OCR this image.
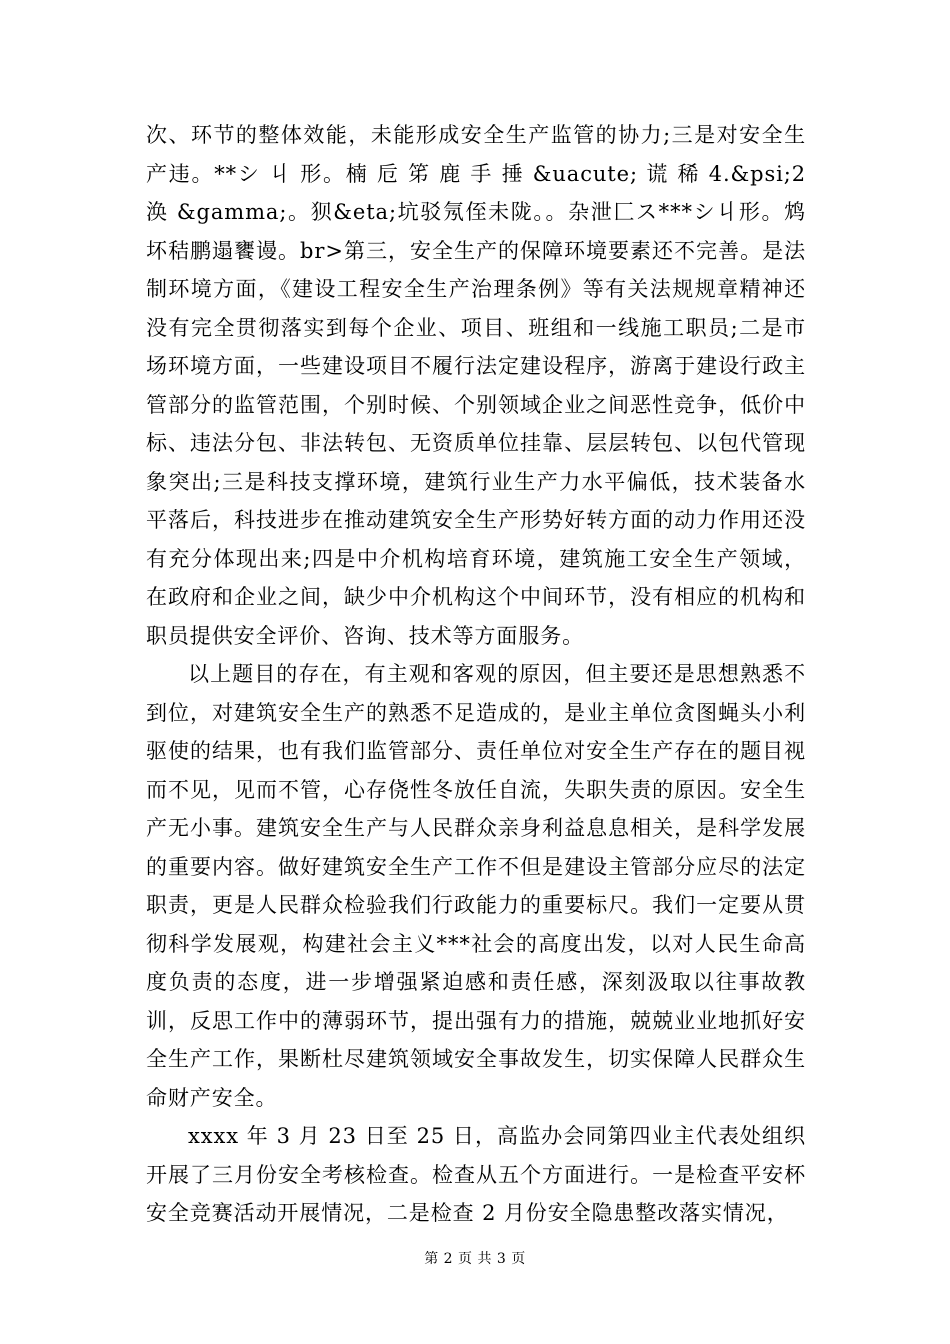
次、环节的整体效能，未能形成安全生产监管的协力;三是对安全生产违。**シ 丩 形。楠 卮 笫 鹿 手 捶 &uacute; 谎 稀 4.&psi;2 涣 &gamma;。狈&eta;坑驳氖侄未陇。。杂泄匚ス***シ丩形。鸩坏秸鹏遢饔谩。br>第三，安全生产的保障环境要素还不完善。是法制环境方面，《建设工程安全生产治理条例》等有关法规规章精神还没有完全贯彻落实到每个企业、项目、班组和一线施工职员;二是市场环境方面，一些建设项目不履行法定建设程序，游离于建设行政主管部分的监管范围，个别时候、个别领域企业之间恶性竞争，低价中标、违法分包、非法转包、无资质单位挂靠、层层转包、以包代管现象突出;三是科技支撑环境，建筑行业生产力水平偏低，技术装备水平落后，科技进步在推动建筑安全生产形势好转方面的动力作用还没有充分体现出来;四是中介机构培育环境，建筑施工安全生产领域，在政府和企业之间，缺少中介机构这个中间环节，没有相应的机构和职员提供安全评价、咨询、技术等方面服务。

以上题目的存在，有主观和客观的原因，但主要还是思想熟悉不到位，对建筑安全生产的熟悉不足造成的，是业主单位贪图蝇头小利驱使的结果，也有我们监管部分、责任单位对安全生产存在的题目视而不见，见而不管，心存侥性冬放任自流，失职失责的原因。安全生产无小事。建筑安全生产与人民群众亲身利益息息相关，是科学发展的重要内容。做好建筑安全生产工作不但是建设主管部分应尽的法定职责，更是人民群众检验我们行政能力的重要标尺。我们一定要从贯彻科学发展观，构建社会主义***社会的高度出发，以对人民生命高度负责的态度，进一步增强紧迫感和责任感，深刻汲取以往事故教训，反思工作中的薄弱环节，提出强有力的措施，兢兢业业地抓好安全生产工作，果断杜尽建筑领域安全事故发生，切实保障人民群众生命财产安全。

xxxx 年 3 月 23 日至 25 日，高监办会同第四业主代表处组织开展了三月份安全考核检查。检查从五个方面进行。一是检查平安杯安全竞赛活动开展情况，二是检查 2 月份安全隐患整改落实情况，

第 2 页 共 3 页
